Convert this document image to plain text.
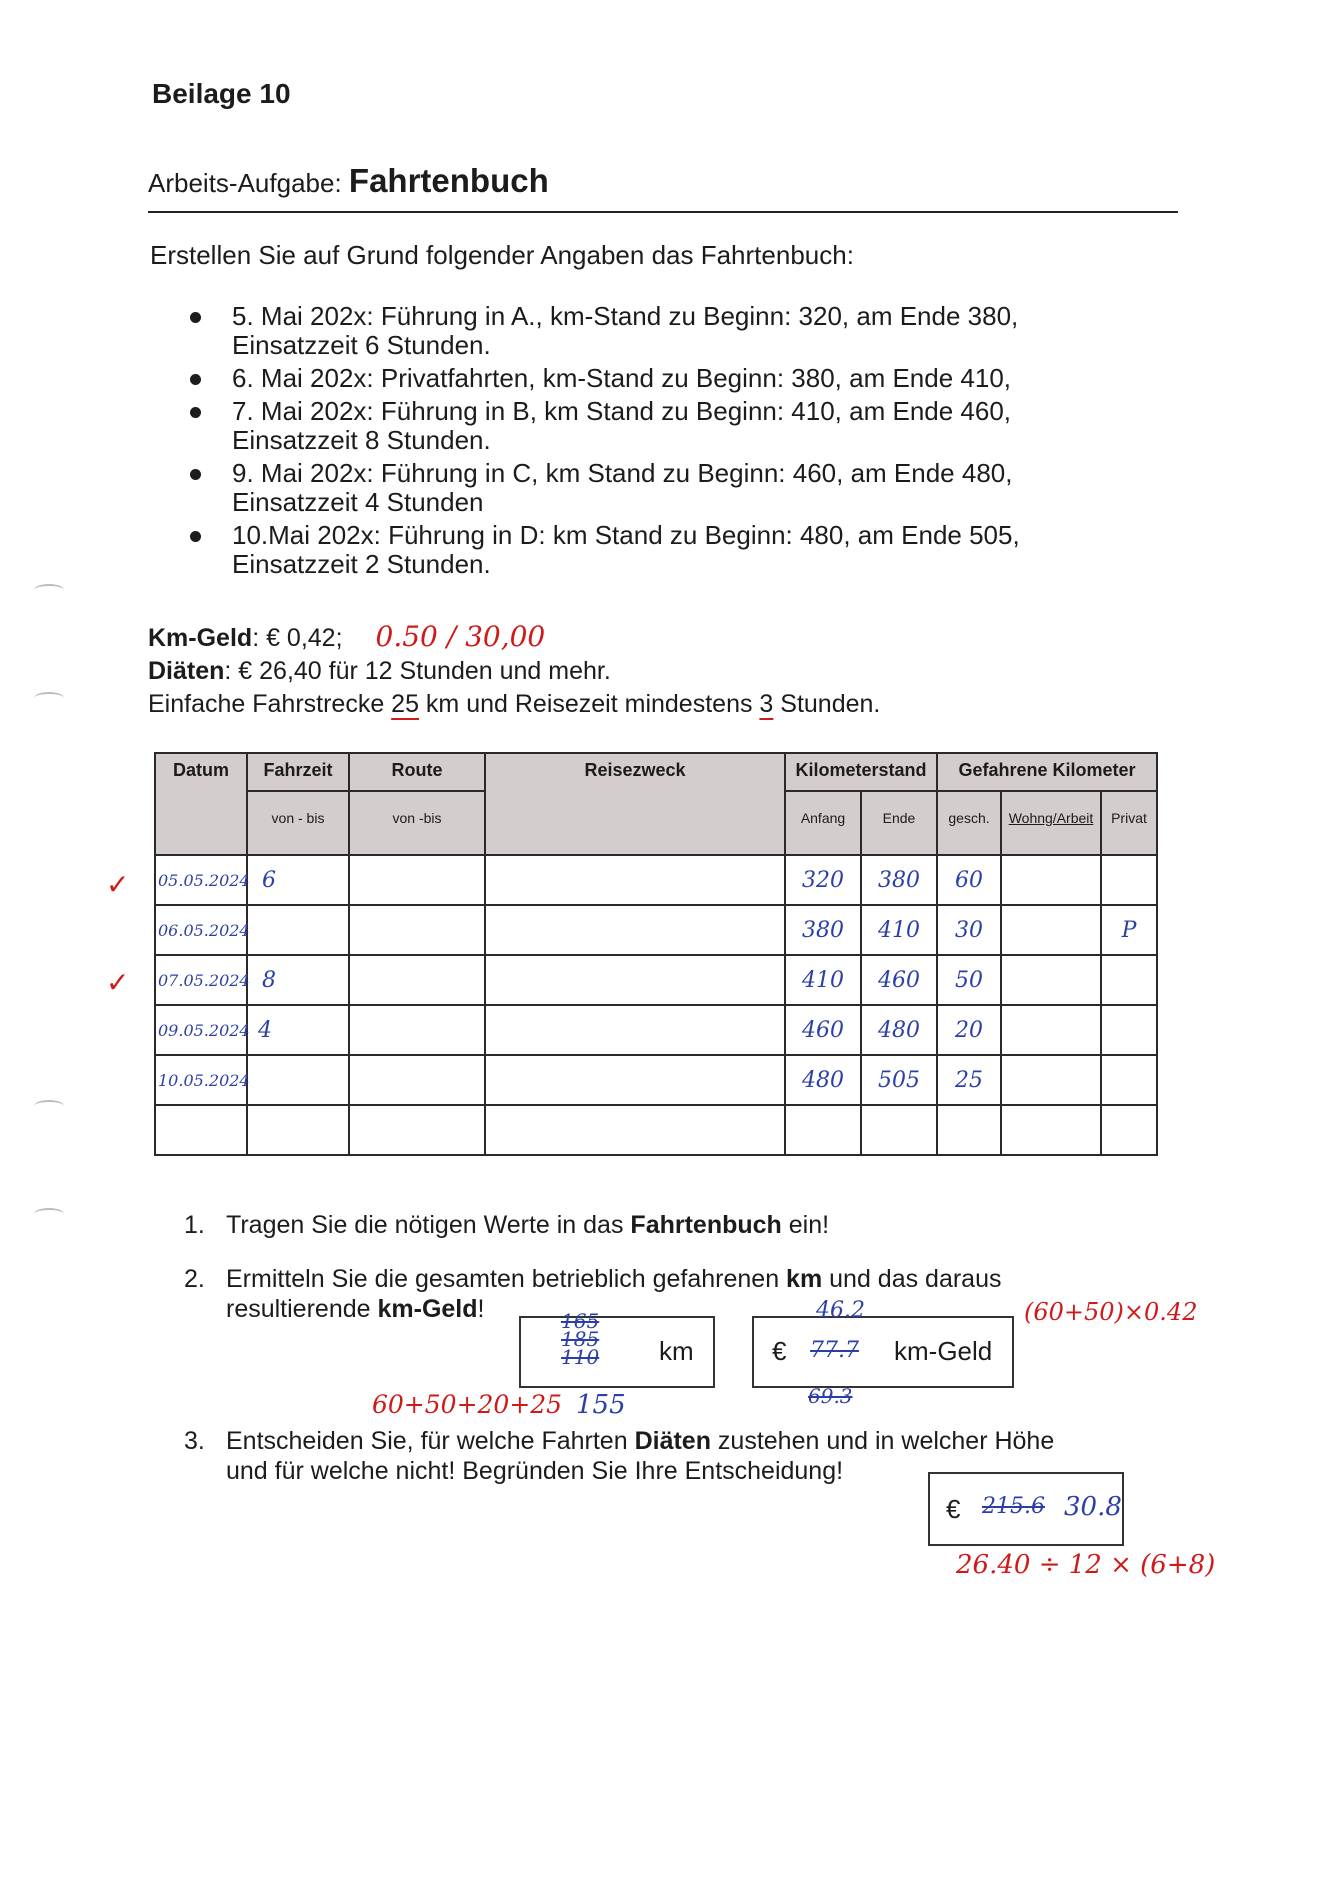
Beilage 10
Arbeits-Aufgabe: Fahrtenbuch
Erstellen Sie auf Grund folgender Angaben das Fahrtenbuch:
5. Mai 202x: Führung in A., km-Stand zu Beginn: 320, am Ende 380,
Einsatzzeit 6 Stunden.
6. Mai 202x: Privatfahrten, km-Stand zu Beginn: 380, am Ende 410,
7. Mai 202x: Führung in B, km Stand zu Beginn: 410, am Ende 460,
Einsatzzeit 8 Stunden.
9. Mai 202x: Führung in C, km Stand zu Beginn: 460, am Ende 480,
Einsatzzeit 4 Stunden
10.Mai 202x: Führung in D: km Stand zu Beginn: 480, am Ende 505,
Einsatzzeit 2 Stunden.
Km-Geld: € 0,42; 0.50 / 30,00
Diäten: € 26,40 für 12 Stunden und mehr.
Einfache Fahrstrecke 25 km und Reisezeit mindestens 3 Stunden.
✓
✓
Datum	Fahrzeit	Route	Reisezweck	Kilometerstand		Gefahrene Kilometer		
	von - bis	von -bis		Anfang	Ende	gesch.	Wohng/Arbeit	Privat
05.05.2024	6			320	380	60		
06.05.2024				380	410	30		P
07.05.2024	8			410	460	50		
09.05.2024	4			460	480	20		
10.05.2024				480	505	25		

1. Tragen Sie die nötigen Werte in das Fahrtenbuch ein!
2. Ermitteln Sie die gesamten betrieblich gefahrenen km und das daraus
resultierende km-Geld!
3. Entscheiden Sie, für welche Fahrten Diäten zustehen und in welcher Höhe
und für welche nicht! Begründen Sie Ihre Entscheidung!
165
185
110 km
60+50+20+25 155
€ 77.7 km-Geld
46.2
69.3
(60+50)×0.42
€ 215.6 30.8
26.40 ÷ 12 × (6+8)
